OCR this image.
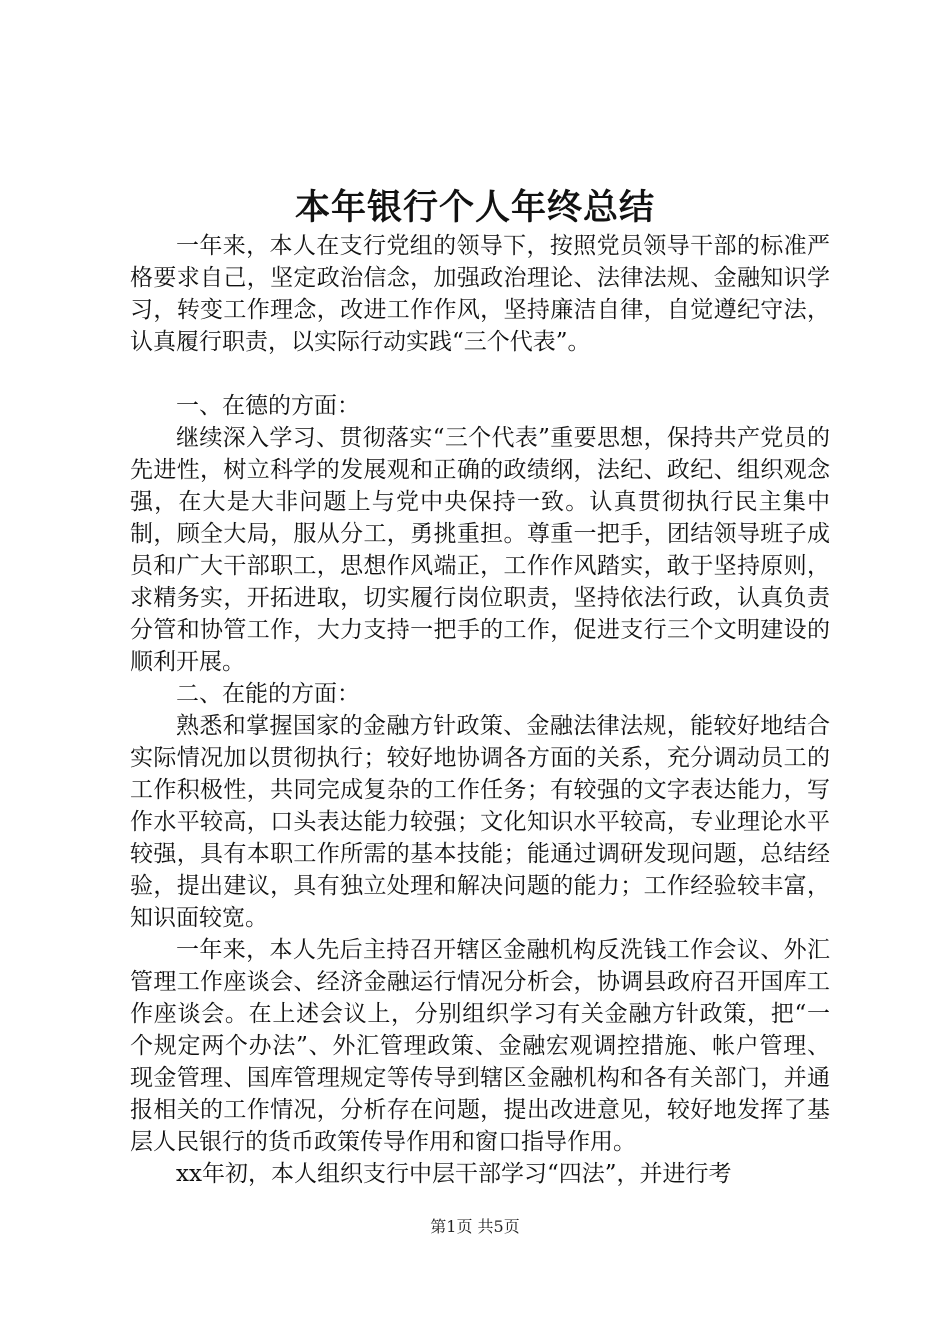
本年银行个人年终总结

一年来，本人在支行党组的领导下，按照党员领导干部的标准严格要求自己，坚定政治信念，加强政治理论、法律法规、金融知识学习，转变工作理念，改进工作作风，坚持廉洁自律，自觉遵纪守法，认真履行职责，以实际行动实践“三个代表”。

一、在德的方面：

继续深入学习、贯彻落实“三个代表”重要思想，保持共产党员的先进性，树立科学的发展观和正确的政绩纲，法纪、政纪、组织观念强，在大是大非问题上与党中央保持一致。认真贯彻执行民主集中制，顾全大局，服从分工，勇挑重担。尊重一把手，团结领导班子成员和广大干部职工，思想作风端正，工作作风踏实，敢于坚持原则，求精务实，开拓进取，切实履行岗位职责，坚持依法行政，认真负责分管和协管工作，大力支持一把手的工作，促进支行三个文明建设的顺利开展。

二、在能的方面：

熟悉和掌握国家的金融方针政策、金融法律法规，能较好地结合实际情况加以贯彻执行；较好地协调各方面的关系，充分调动员工的工作积极性，共同完成复杂的工作任务；有较强的文字表达能力，写作水平较高，口头表达能力较强；文化知识水平较高，专业理论水平较强，具有本职工作所需的基本技能；能通过调研发现问题，总结经验，提出建议，具有独立处理和解决问题的能力；工作经验较丰富，知识面较宽。

一年来，本人先后主持召开辖区金融机构反洗钱工作会议、外汇管理工作座谈会、经济金融运行情况分析会，协调县政府召开国库工作座谈会。在上述会议上，分别组织学习有关金融方针政策，把“一个规定两个办法”、外汇管理政策、金融宏观调控措施、帐户管理、现金管理、国库管理规定等传导到辖区金融机构和各有关部门，并通报相关的工作情况，分析存在问题，提出改进意见，较好地发挥了基层人民银行的货币政策传导作用和窗口指导作用。

xx年初，本人组织支行中层干部学习“四法”，并进行考

第1页 共5页
